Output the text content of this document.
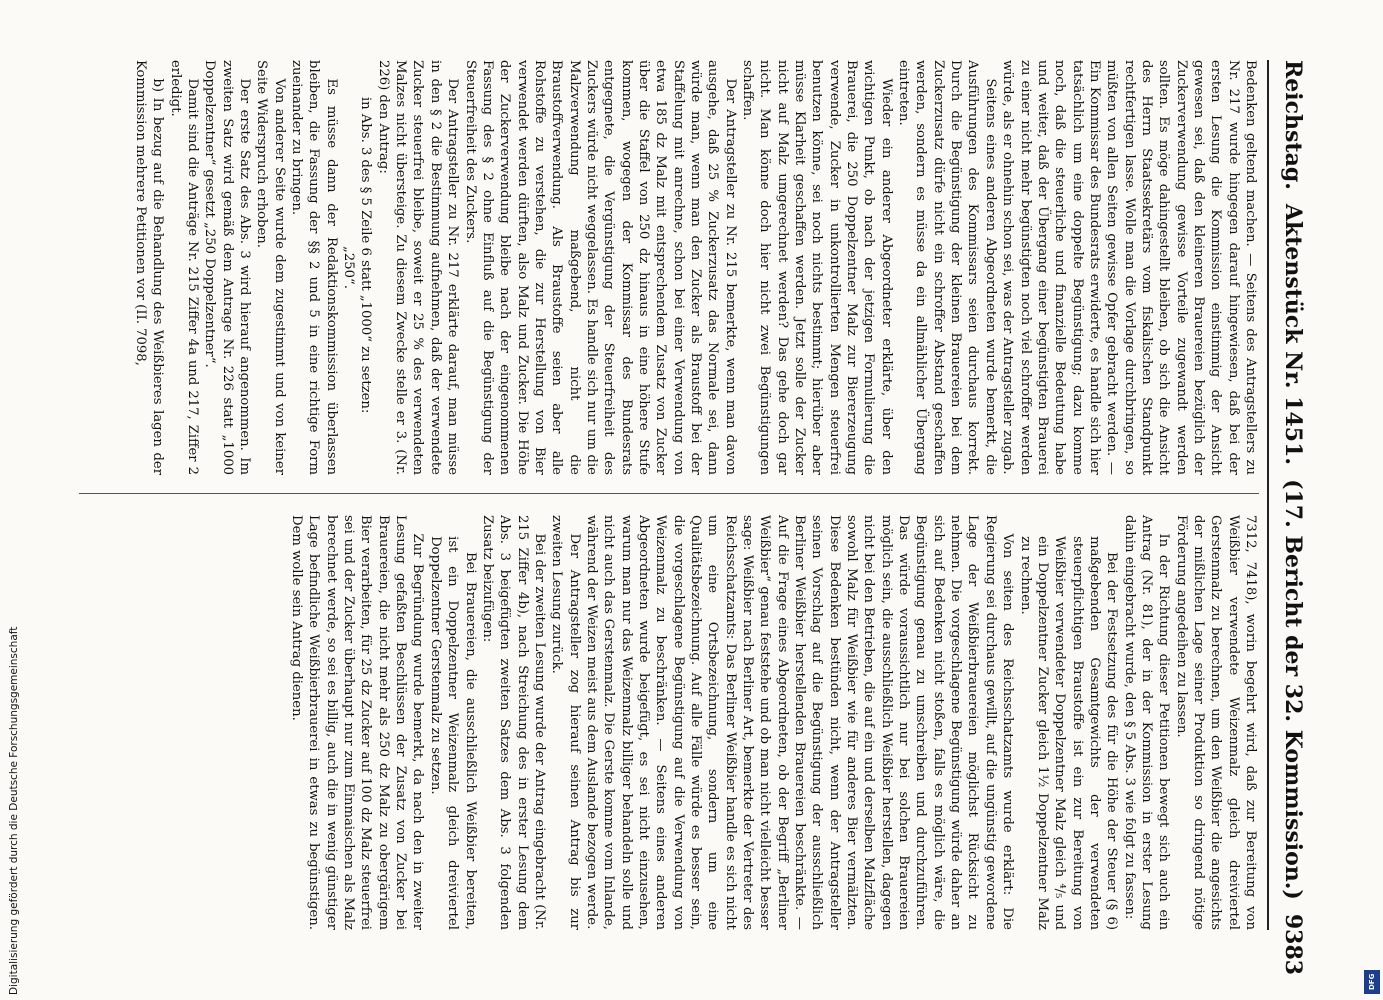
Reichstag.
Aktenstück Nr. 1451.
(17. Bericht der 32. Kommission.)
9383

Bedenken geltend machen. — Seitens des Antragstellers zu Nr. 217 wurde hingegen darauf hingewiesen, daß bei der ersten Lesung die Kommission einstimmig der Ansicht gewesen sei, daß den kleineren Brauereien bezüglich der Zuckerverwendung gewisse Vorteile zugewandt werden sollten. Es möge dahingestellt bleiben, ob sich die Ansicht des Herrn Staatssekretärs vom fiskalischen Standpunkt rechtfertigen lasse. Wolle man die Vorlage durchbringen, so müßten von allen Seiten gewisse Opfer gebracht werden. — Ein Kommissar des Bundesrats erwiderte, es handle sich hier tatsächlich um eine doppelte Begünstigung; dazu komme noch, daß die steuerliche und finanzielle Bedeutung habe und weiter, daß der Übergang einer begünstigten Brauerei zu einer nicht mehr begünstigten noch viel schroffer werden würde, als er ohnehin schon sei, was der Antragsteller zugab.

Seitens eines anderen Abgeordneten wurde bemerkt, die Ausführungen des Kommissars seien durchaus korrekt. Durch die Begünstigung der kleinen Brauereien bei dem Zuckerzusatz dürfe nicht ein schroffer Abstand geschaffen werden, sondern es müsse da ein allmählicher Übergang eintreten.

Wieder ein anderer Abgeordneter erklärte, über den wichtigen Punkt, ob nach der jetzigen Formulierung die Brauerei, die 250 Doppelzentner Malz zur Biererzeugung verwende, Zucker in unkontrollierten Mengen steuerfrei benutzen könne, sei noch nichts bestimmt; hierüber aber müsse Klarheit geschaffen werden. Jetzt solle der Zucker nicht auf Malz umgerechnet werden? Das gehe doch gar nicht. Man könne doch hier nicht zwei Begünstigungen schaffen.

Der Antragsteller zu Nr. 215 bemerkte, wenn man davon ausgehe, daß 25 % Zuckerzusatz das Normale sei, dann würde man, wenn man den Zucker als Braustoff bei der Staffelung mit anrechne, schon bei einer Verwendung von etwa 185 dz Malz mit entsprechendem Zusatz von Zucker über die Staffel von 250 dz hinaus in eine höhere Stufe kommen, wogegen der Kommissar des Bundesrats entgegnete, die Vergünstigung der Steuerfreiheit des Zuckers würde nicht weggelassen. Es handle sich nur um die Malzverwendung maßgebend, nicht die Braustoffverwendung. Als Braustoffe seien aber alle Rohstoffe zu verstehen, die zur Herstellung von Bier verwendet werden dürften, also Malz und Zucker. Die Höhe der Zuckerverwendung bleibe nach der eingenommenen Fassung des § 2 ohne Einfluß auf die Begünstigung der Steuerfreiheit des Zuckers.

Der Antragsteller zu Nr. 217 erklärte darauf, man müsse in den § 2 die Bestimmung aufnehmen, daß der verwendete Zucker steuerfrei bleibe, soweit er 25 % des verwendeten Malzes nicht übersteige. Zu diesem Zwecke stelle er 3. (Nr. 226) den Antrag:

in Abs. 3 des § 5 Zeile 6 statt „1000“ zu setzen:

„250“.

Es müsse dann der Redaktionskommission überlassen bleiben, die Fassung der §§ 2 und 5 in eine richtige Form zueinander zu bringen.

Von anderer Seite wurde dem zugestimmt und von keiner Seite Widerspruch erhoben.

Der erste Satz des Abs. 3 wird hierauf angenommen. Im zweiten Satz wird gemäß dem Antrage Nr. 226 statt „1000 Doppelzentner“ gesetzt „250 Doppelzentner“.

Damit sind die Anträge Nr. 215 Ziffer 4a und 217, Ziffer 2 erledigt.

b) In bezug auf die Behandlung des Weißbieres lagen der Kommission mehrere Petitionen vor (II. 7098,

7312, 7418), worin begehrt wird, daß zur Bereitung von Weißbier verwendete Weizenmalz gleich dreiviertel Gerstenmalz zu berechnen, um den Weißbier die angesichts der mißlichen Lage seiner Produktion so dringend nötige Förderung angedeihen zu lassen.

In der Richtung dieser Petitionen bewegt sich auch ein Antrag (Nr. 81), der in der Kommission in erster Lesung dahin eingebracht wurde, den § 5 Abs. 3 wie folgt zu fassen:

Bei der Festsetzung des für die Höhe der Steuer (§ 6) maßgebenden Gesamtgewichts der verwendeten steuerpflichtigen Braustoffe ist ein zur Bereitung von Weißbier verwendeter Doppelzentner Malz gleich ⁴/₅ und ein Doppelzentner Zucker gleich 1½ Doppelzentner Malz zu rechnen.

Von seiten des Reichsschatzamts wurde erklärt: Die Regierung sei durchaus gewillt, auf die ungünstig gewordene Lage der Weißbierbrauereien möglichst Rücksicht zu nehmen. Die vorgeschlagene Begünstigung würde daher an sich auf Bedenken nicht stoßen, falls es möglich wäre, die Begünstigung genau zu umschreiben und durchzuführen. Das würde voraussichtlich nur bei solchen Brauereien möglich sein, die ausschließlich Weißbier herstellen, dagegen nicht bei den Betrieben, die auf ein und derselben Malzfläche sowohl Malz für Weißbier wie für anderes Bier vermälzten. Diese Bedenken bestünden nicht, wenn der Antragsteller seinen Vorschlag auf die Begünstigung der ausschließlich Berliner Weißbier herstellenden Brauereien beschränkte. — Auf die Frage eines Abgeordneten, ob der Begriff „Berliner Weißbier“ genau feststehe und ob man nicht vielleicht besser sage: Weißbier nach Berliner Art, bemerkte der Vertreter des Reichsschatzamts: Das Berliner Weißbier handle es sich nicht um eine Ortsbezeichnung, sondern um eine Qualitätsbezeichnung. Auf alle Fälle würde es besser sein, die vorgeschlagene Begünstigung auf die Verwendung von Weizenmalz zu beschränken. — Seitens eines anderen Abgeordneten wurde beigefügt, es sei nicht einzusehen, warum man nur das Weizenmalz billiger behandeln solle und nicht auch das Gerstenmalz. Die Gerste komme vom Inlande, während der Weizen meist aus dem Auslande bezogen werde.

Der Antragsteller zog hierauf seinen Antrag bis zur zweiten Lesung zurück.

Bei der zweiten Lesung wurde der Antrag eingebracht (Nr. 215 Ziffer 4b), nach Streichung des in erster Lesung dem Abs. 3 beigefügten zweiten Satzes dem Abs. 3 folgenden Zusatz beizufügen:

Bei Brauereien, die ausschließlich Weißbier bereiten, ist ein Doppelzentner Weizenmalz gleich dreiviertel Doppelzentner Gerstenmalz zu setzen.

Zur Begründung wurde bemerkt, da nach den in zweiter Lesung gefaßten Beschlüssen der Zusatz von Zucker bei Brauereien, die nicht mehr als 250 dz Malz zu obergärigem Bier verarbeiten, für 25 dz Zucker auf 100 dz Malz steuerfrei sei und der Zucker überhaupt nur zum Einmaischen als Malz berechnet werde, so sei es billig, auch die in wenig günstiger Lage befindliche Weißbierbrauerei in etwas zu begünstigen. Dem wolle sein Antrag dienen.

Digitalisierung gefördert durch die Deutsche Forschungsgemeinschaft	DFG
